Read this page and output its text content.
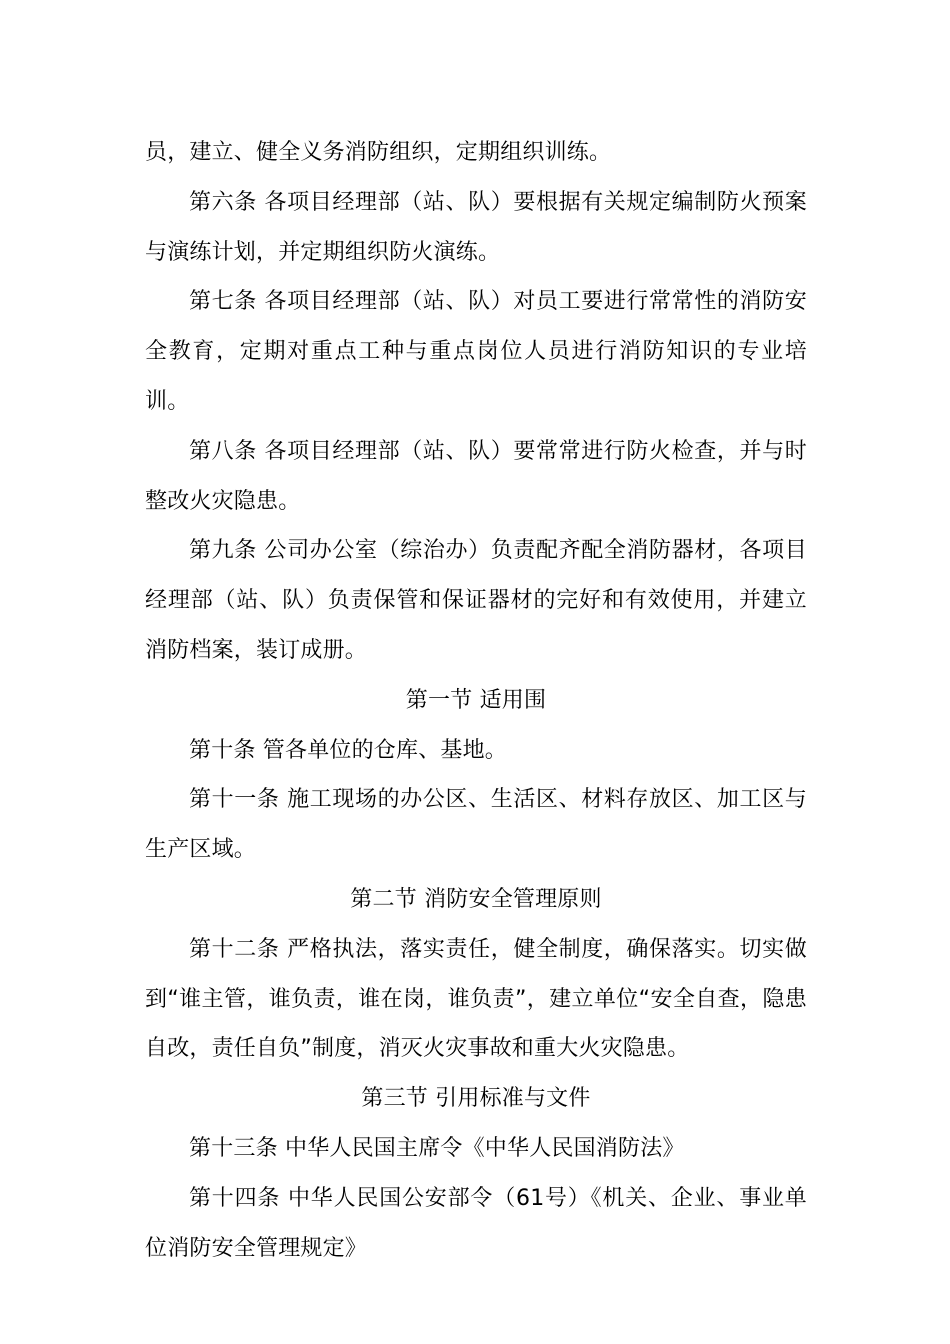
员，建立、健全义务消防组织，定期组织训练。

第六条 各项目经理部（站、队）要根据有关规定编制防火预案与演练计划，并定期组织防火演练。

第七条 各项目经理部（站、队）对员工要进行常常性的消防安全教育，定期对重点工种与重点岗位人员进行消防知识的专业培训。

第八条 各项目经理部（站、队）要常常进行防火检查，并与时整改火灾隐患。

第九条 公司办公室（综治办）负责配齐配全消防器材，各项目经理部（站、队）负责保管和保证器材的完好和有效使用，并建立消防档案，装订成册。

第一节 适用围

第十条 管各单位的仓库、基地。

第十一条 施工现场的办公区、生活区、材料存放区、加工区与生产区域。

第二节 消防安全管理原则

第十二条 严格执法，落实责任，健全制度，确保落实。切实做到“谁主管，谁负责，谁在岗，谁负责”，建立单位“安全自查，隐患自改，责任自负”制度，消灭火灾事故和重大火灾隐患。

第三节 引用标准与文件

第十三条 中华人民国主席令《中华人民国消防法》

第十四条 中华人民国公安部令（61号）《机关、企业、事业单位消防安全管理规定》
